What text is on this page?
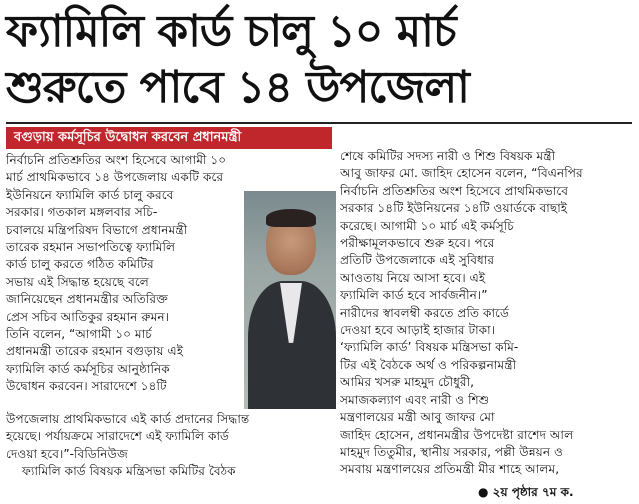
ফ্যামিলি কার্ড চালু ১০ মার্চ
শুরুতে পাবে ১৪ উপজেলা
বগুড়ায় কর্মসূচির উদ্বোধন করবেন প্রধানমন্ত্রী
নির্বাচনি প্রতিশ্রুতির অংশ হিসেবে আগামী ১০
মার্চ প্রাথমিকভাবে ১৪ উপজেলায় একটি করে
ইউনিয়নে ফ্যামিলি কার্ড চালু করবে
সরকার। গতকাল মঙ্গলবার সচি-
চবালয়ে মন্ত্রিপরিষদ বিভাগে প্রধানমন্ত্রী
তারেক রহমান সভাপতিত্বে ফ্যামিলি
কার্ড চালু করতে গঠিত কমিটির
সভায় এই সিদ্ধান্ত হয়েছে বলে
জানিয়েছেন প্রধানমন্ত্রীর অতিরিক্ত
প্রেস সচিব আতিকুর রহমান রুমন।
তিনি বলেন, “আগামী ১০ মার্চ
প্রধানমন্ত্রী তারেক রহমান বগুড়ায় এই
ফ্যামিলি কার্ড কর্মসূচির আনুষ্ঠানিক
উদ্বোধন করবেন। সারাদেশে ১৪টি
উপজেলায় প্রাথমিকভাবে এই কার্ড প্রদানের সিদ্ধান্ত
হয়েছে। পর্যায়ক্রমে সারাদেশে এই ফ্যামিলি কার্ড
দেওয়া হবে।”-বিডিনিউজ
ফ্যামিলি কার্ড বিষয়ক মন্ত্রিসভা কমিটির বৈঠক
শেষে কমিটির সদস্য নারী ও শিশু বিষয়ক মন্ত্রী
আবু জাফর মো. জাহিদ হোসেন বলেন, “বিএনপির
নির্বাচনি প্রতিশ্রুতির অংশ হিসেবে প্রাথমিকভাবে
সরকার ১৪টি ইউনিয়নের ১৪টি ওয়ার্ডকে বাছাই
করেছে। আগামী ১০ মার্চ এই কর্মসূচি
পরীক্ষামূলকভাবে শুরু হবে। পরে
প্রতিটি উপজেলাকে এই সুবিধার
আওতায় নিয়ে আসা হবে। এই
ফ্যামিলি কার্ড হবে সার্বজনীন।”
নারীদের স্বাবলম্বী করতে প্রতি কার্ডে
দেওয়া হবে আড়াই হাজার টাকা।
‘ফ্যামিলি কার্ড’ বিষয়ক মন্ত্রিসভা কমি-
টির এই বৈঠকে অর্থ ও পরিকল্পনামন্ত্রী
আমির খসরু মাহমুদ চৌধুরী,
সমাজকল্যাণ এবং নারী ও শিশু
মন্ত্রণালয়ের মন্ত্রী আবু জাফর মো
জাহিদ হোসেন, প্রধানমন্ত্রীর উপদেষ্টা রাশেদ আল
মাহমুদ তিতুমীর, স্থানীয় সরকার, পল্লী উন্নয়ন ও
সমবায় মন্ত্রণালয়ের প্রতিমন্ত্রী মীর শাহে আলম,
● ২য় পৃষ্ঠার ৭ম ক.
